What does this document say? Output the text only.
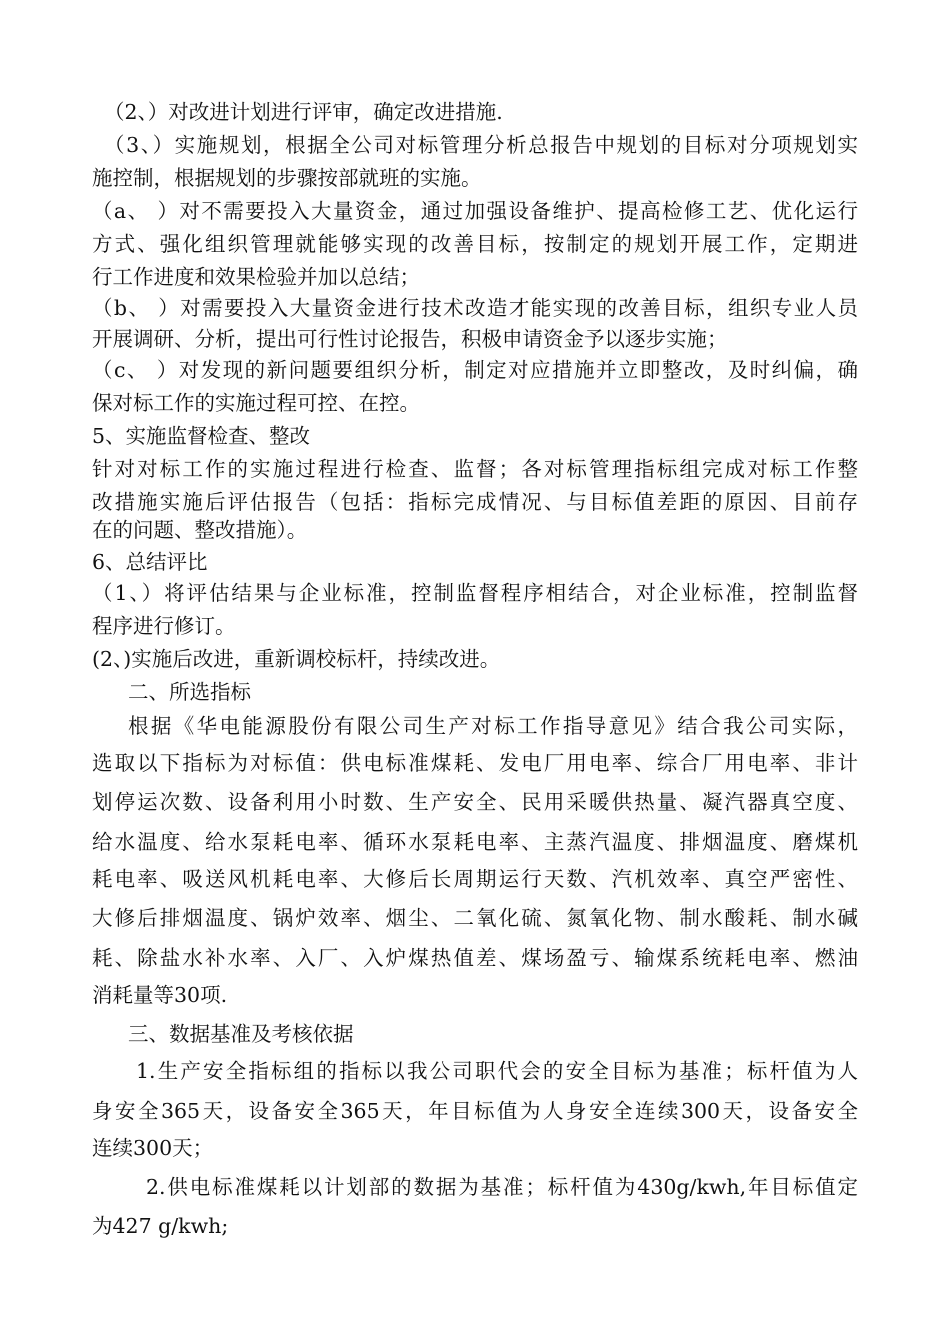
（2、）对改进计划进行评审，确定改进措施.

（3、）实施规划，根据全公司对标管理分析总报告中规划的目标对分项规划实

施控制，根据规划的步骤按部就班的实施。

（a、 ）对不需要投入大量资金，通过加强设备维护、提高检修工艺、优化运行

方式、强化组织管理就能够实现的改善目标，按制定的规划开展工作，定期进

行工作进度和效果检验并加以总结；

（b、 ）对需要投入大量资金进行技术改造才能实现的改善目标，组织专业人员

开展调研、分析，提出可行性讨论报告，积极申请资金予以逐步实施；

（c、 ）对发现的新问题要组织分析，制定对应措施并立即整改，及时纠偏，确

保对标工作的实施过程可控、在控。

5、实施监督检查、整改

针对对标工作的实施过程进行检查、监督；各对标管理指标组完成对标工作整

改措施实施后评估报告（包括：指标完成情况、与目标值差距的原因、目前存

在的问题、整改措施）。

6、总结评比

（1、）将评估结果与企业标准，控制监督程序相结合，对企业标准，控制监督

程序进行修订。

(2、)实施后改进，重新调校标杆，持续改进。

二、所选指标

根据《华电能源股份有限公司生产对标工作指导意见》结合我公司实际，

选取以下指标为对标值：供电标准煤耗、发电厂用电率、综合厂用电率、非计

划停运次数、设备利用小时数、生产安全、民用采暖供热量、凝汽器真空度、

给水温度、给水泵耗电率、循环水泵耗电率、主蒸汽温度、排烟温度、磨煤机

耗电率、吸送风机耗电率、大修后长周期运行天数、汽机效率、真空严密性、

大修后排烟温度、锅炉效率、烟尘、二氧化硫、氮氧化物、制水酸耗、制水碱

耗、除盐水补水率、入厂、入炉煤热值差、煤场盈亏、输煤系统耗电率、燃油

消耗量等30项.

三、数据基准及考核依据

1.生产安全指标组的指标以我公司职代会的安全目标为基准；标杆值为人

身安全365天，设备安全365天，年目标值为人身安全连续300天，设备安全

连续300天；

2.供电标准煤耗以计划部的数据为基准；标杆值为430g/kwh,年目标值定

为427 g/kwh;
